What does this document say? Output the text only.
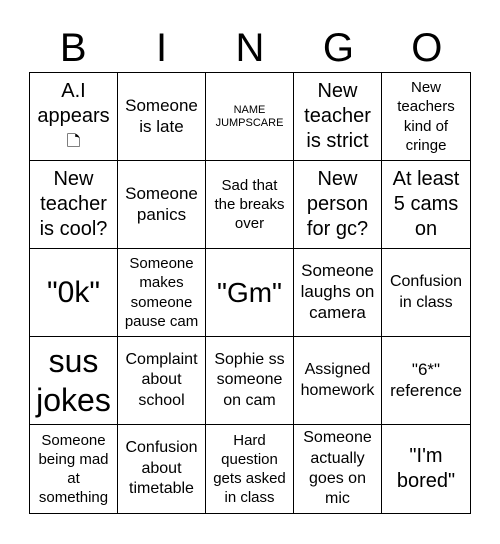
B	I	N	G	O
A.I appears 🗅
Someone is late
NAME JUMPSCARE
New teacher is strict
New teachers kind of cringe
New teacher is cool?
Someone panics
Sad that the breaks over
New person for gc?
At least 5 cams on
"0k"
Someone makes someone pause cam
"Gm"
Someone laughs on camera
Confusion in class
sus jokes
Complaint about school
Sophie ss someone on cam
Assigned homework
"6*" reference
Someone being mad at something
Confusion about timetable
Hard question gets asked in class
Someone actually goes on mic
"I'm bored"
